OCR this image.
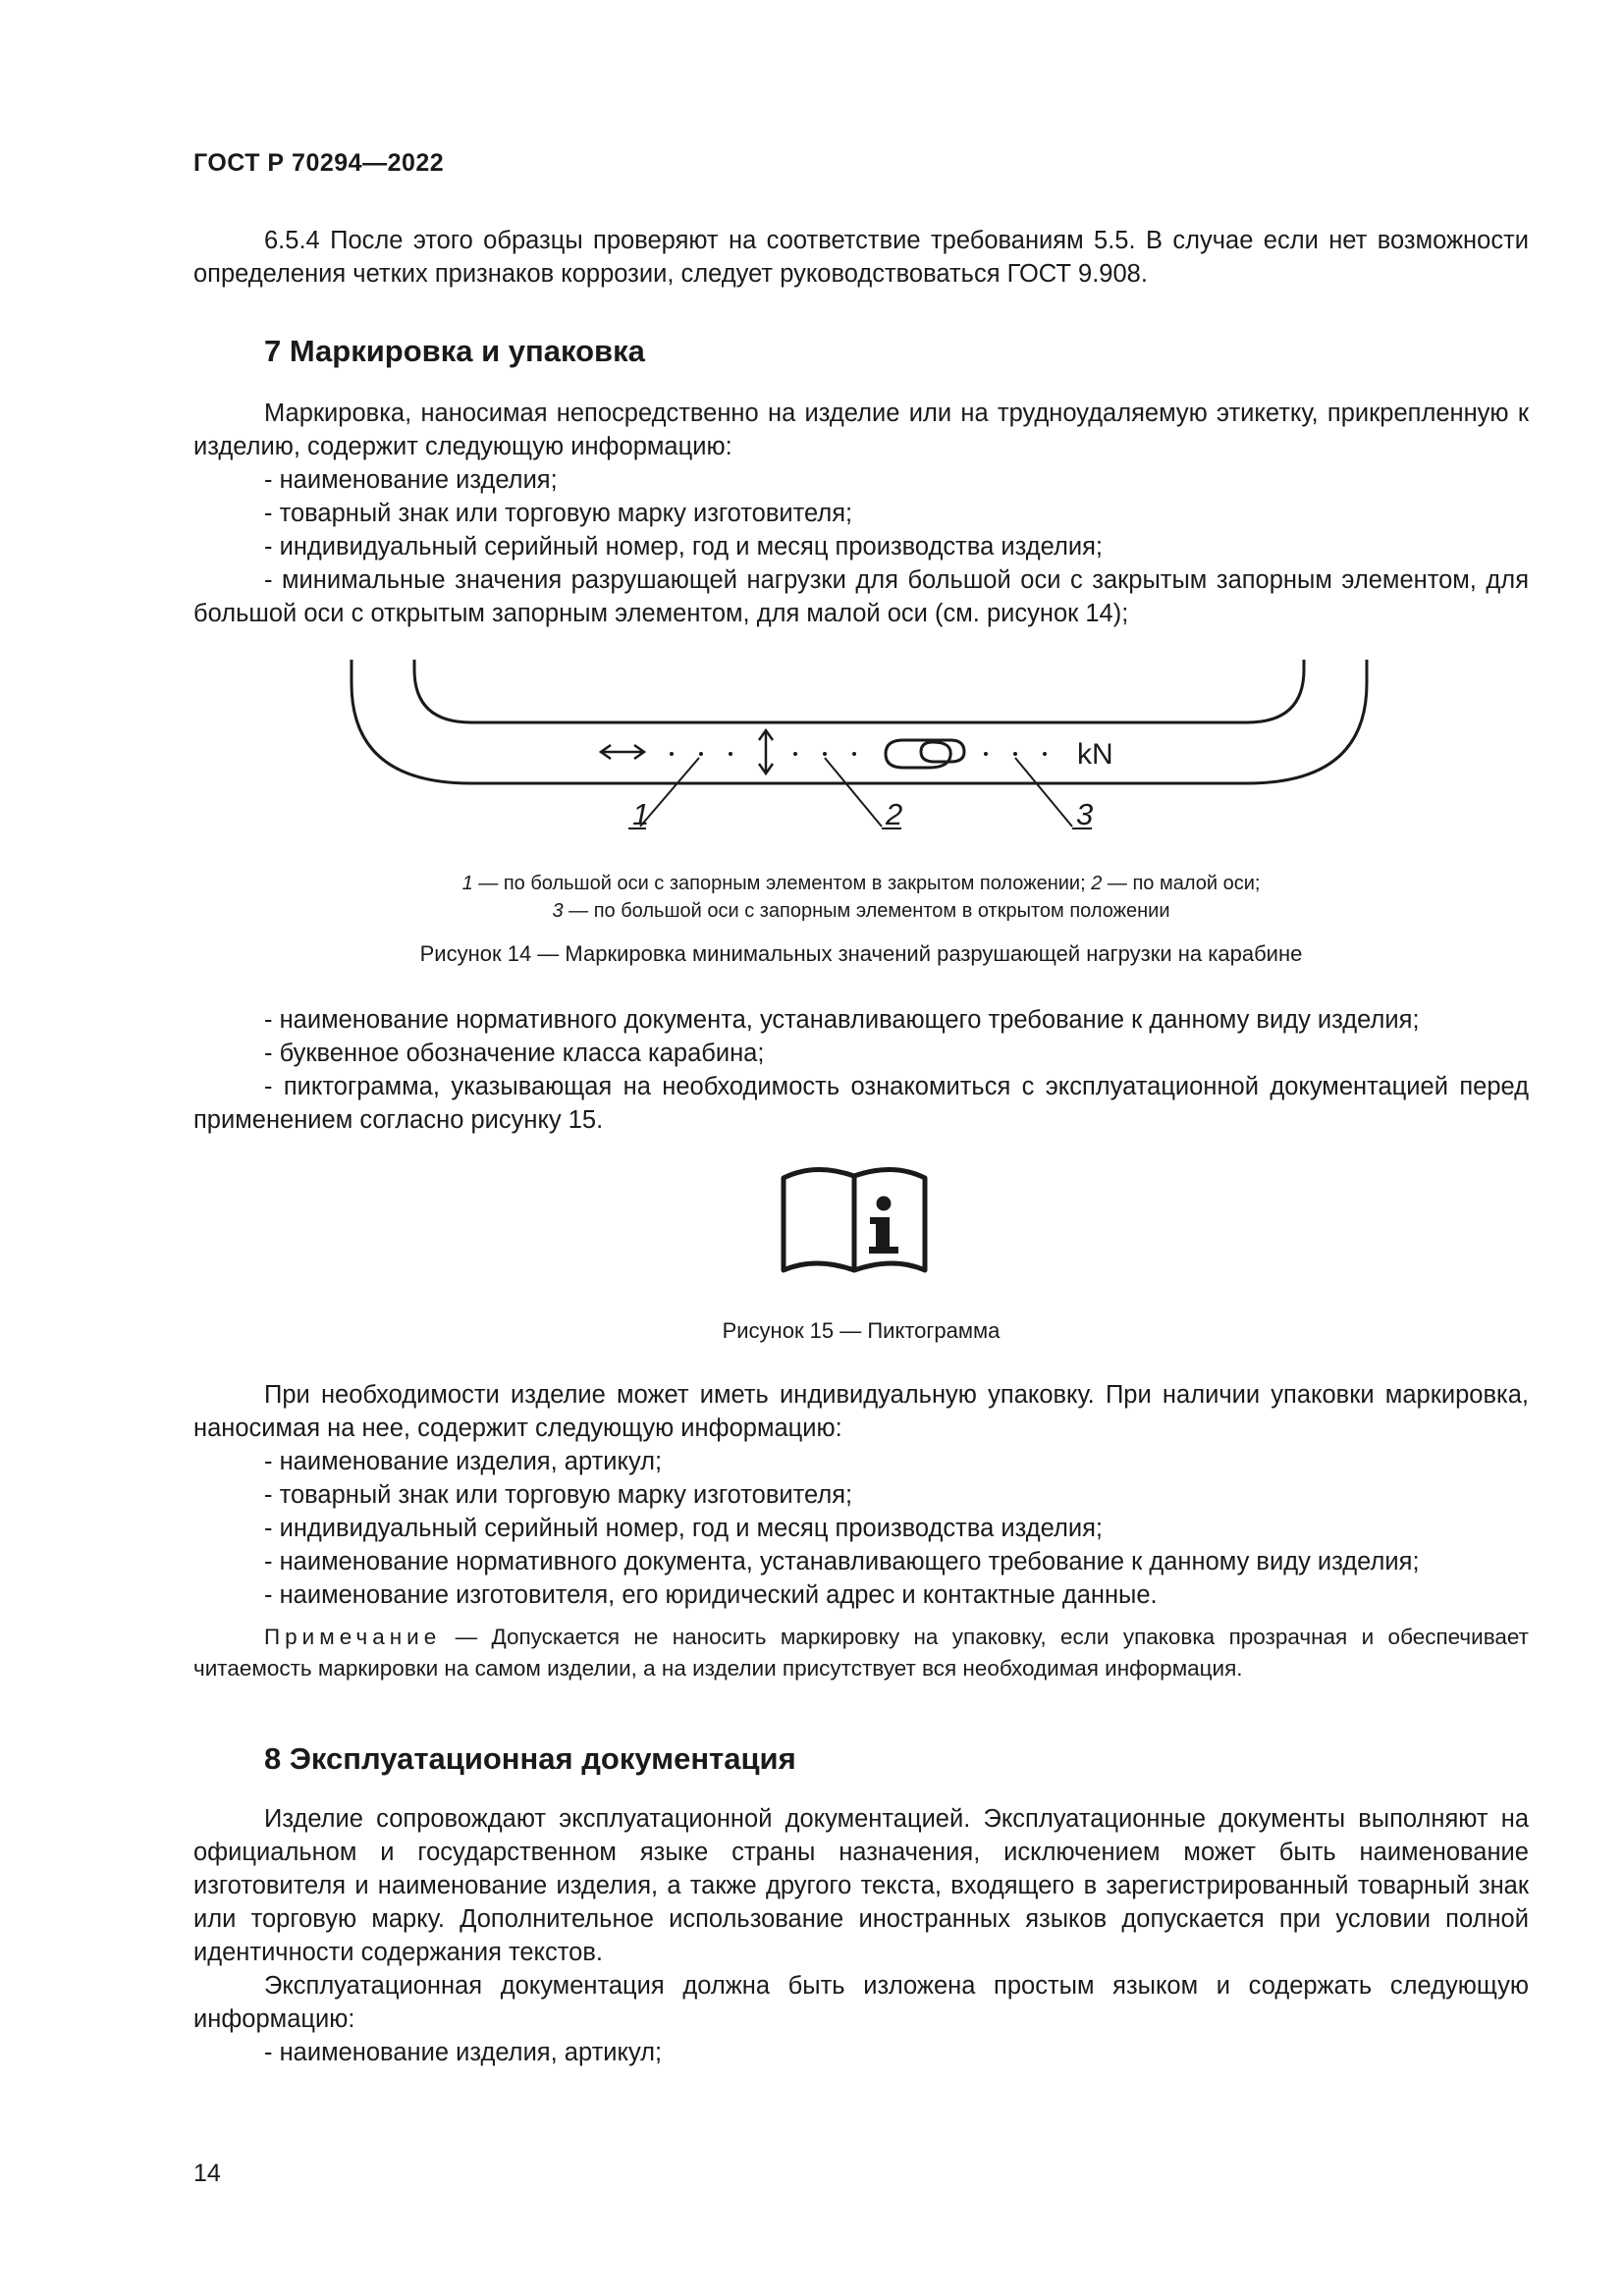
ГОСТ Р 70294—2022

6.5.4 После этого образцы проверяют на соответствие требованиям 5.5. В случае если нет возможности определения четких признаков коррозии, следует руководствоваться ГОСТ 9.908.

7 Маркировка и упаковка

Маркировка, наносимая непосредственно на изделие или на трудноудаляемую этикетку, прикрепленную к изделию, содержит следующую информацию:

- наименование изделия;

- товарный знак или торговую марку изготовителя;

- индивидуальный серийный номер, год и месяц производства изделия;

- минимальные значения разрушающей нагрузки для большой оси с закрытым запорным элементом, для большой оси с открытым запорным элементом, для малой оси (см. рисунок 14);

kN
1	2	3
1 — по большой оси с запорным элементом в закрытом положении; 2 — по малой оси;
3 — по большой оси с запорным элементом в открытом положении
Рисунок 14 — Маркировка минимальных значений разрушающей нагрузки на карабине

- наименование нормативного документа, устанавливающего требование к данному виду изделия;

- буквенное обозначение класса карабина;

- пиктограмма, указывающая на необходимость ознакомиться с эксплуатационной документацией перед применением согласно рисунку 15.

Рисунок 15 — Пиктограмма

При необходимости изделие может иметь индивидуальную упаковку. При наличии упаковки маркировка, наносимая на нее, содержит следующую информацию:

- наименование изделия, артикул;

- товарный знак или торговую марку изготовителя;

- индивидуальный серийный номер, год и месяц производства изделия;

- наименование нормативного документа, устанавливающего требование к данному виду изделия;

- наименование изготовителя, его юридический адрес и контактные данные.

Примечание — Допускается не наносить маркировку на упаковку, если упаковка прозрачная и обеспечивает читаемость маркировки на самом изделии, а на изделии присутствует вся необходимая информация.

8 Эксплуатационная документация

Изделие сопровождают эксплуатационной документацией. Эксплуатационные документы выполняют на официальном и государственном языке страны назначения, исключением может быть наименование изготовителя и наименование изделия, а также другого текста, входящего в зарегистрированный товарный знак или торговую марку. Дополнительное использование иностранных языков допускается при условии полной идентичности содержания текстов.

Эксплуатационная документация должна быть изложена простым языком и содержать следующую информацию:

- наименование изделия, артикул;

14
